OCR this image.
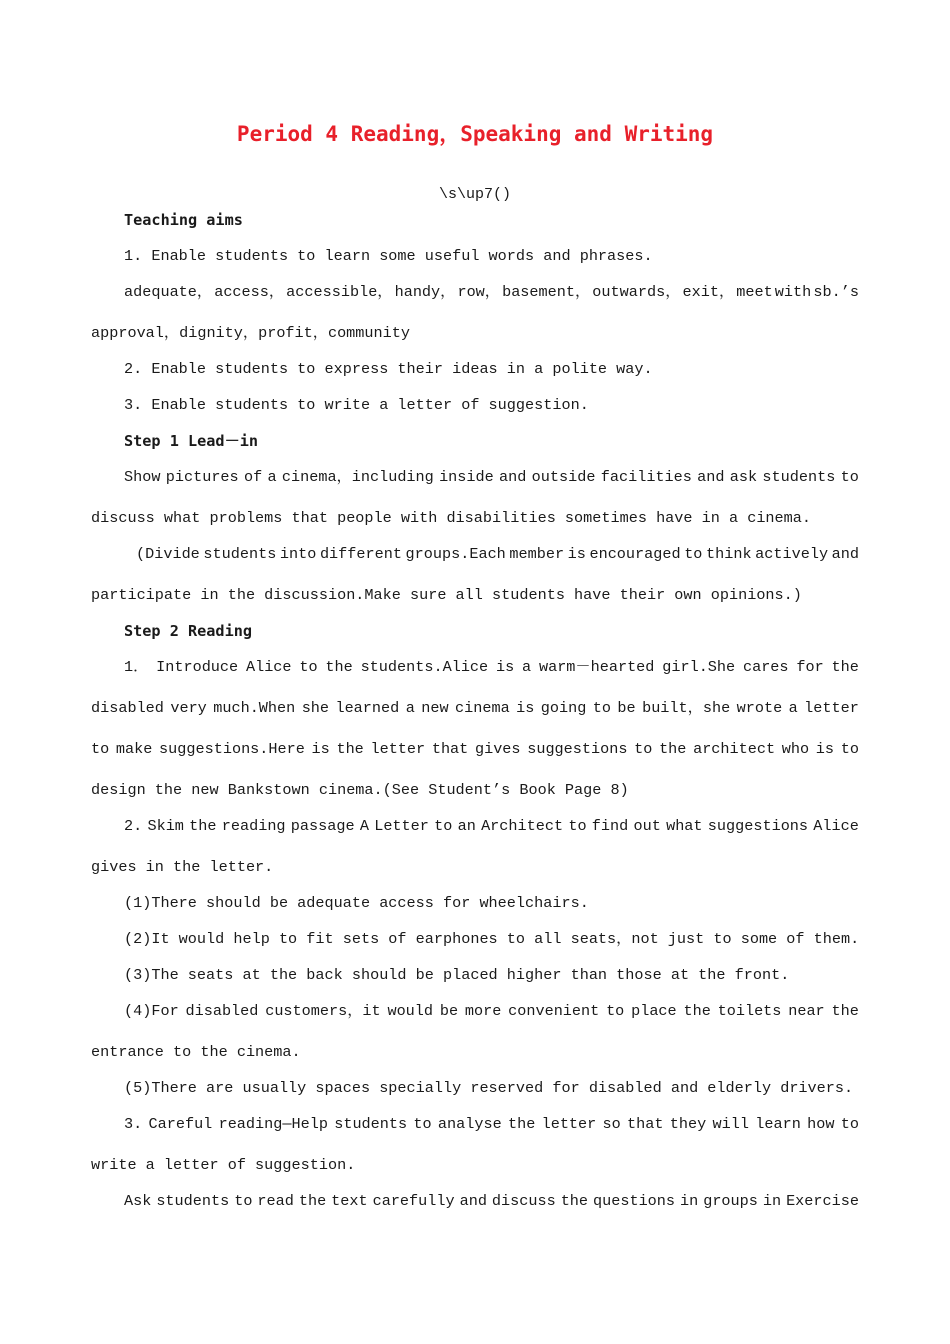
Period 4 Reading，Speaking and Writing
\s\up7()
Teaching aims
1. Enable students to learn some useful words and phrases.
adequate， access， accessible， handy， row， basement， outwards， exit， meet with sb.’s
approval，dignity，profit，community
2. Enable students to express their ideas in a polite way.
3. Enable students to write a letter of suggestion.
Step 1 Lead－in
Show pictures of a cinema，including inside and outside facilities and ask students to
discuss what problems that people with disabilities sometimes have in a cinema.
(Divide students into different groups.Each member is encouraged to think actively and
participate in the discussion.Make sure all students have their own opinions.)
Step 2 Reading
1． Introduce Alice to the students.Alice is a warm－hearted girl.She cares for the
disabled very much.When she learned a new cinema is going to be built，she wrote a letter
to make suggestions.Here is the letter that gives suggestions to the architect who is to
design the new Bankstown cinema.(See Student’s Book Page 8)
2. Skim the reading passage A Letter to an Architect to find out what suggestions Alice
gives in the letter.
(1)There should be adequate access for wheelchairs.
(2)It would help to fit sets of earphones to all seats，not just to some of them.
(3)The seats at the back should be placed higher than those at the front.
(4)For disabled customers，it would be more convenient to place the toilets near the
entrance to the cinema.
(5)There are usually spaces specially reserved for disabled and elderly drivers.
3. Careful reading—Help students to analyse the letter so that they will learn how to
write a letter of suggestion.
Ask students to read the text carefully and discuss the questions in groups in Exercise
